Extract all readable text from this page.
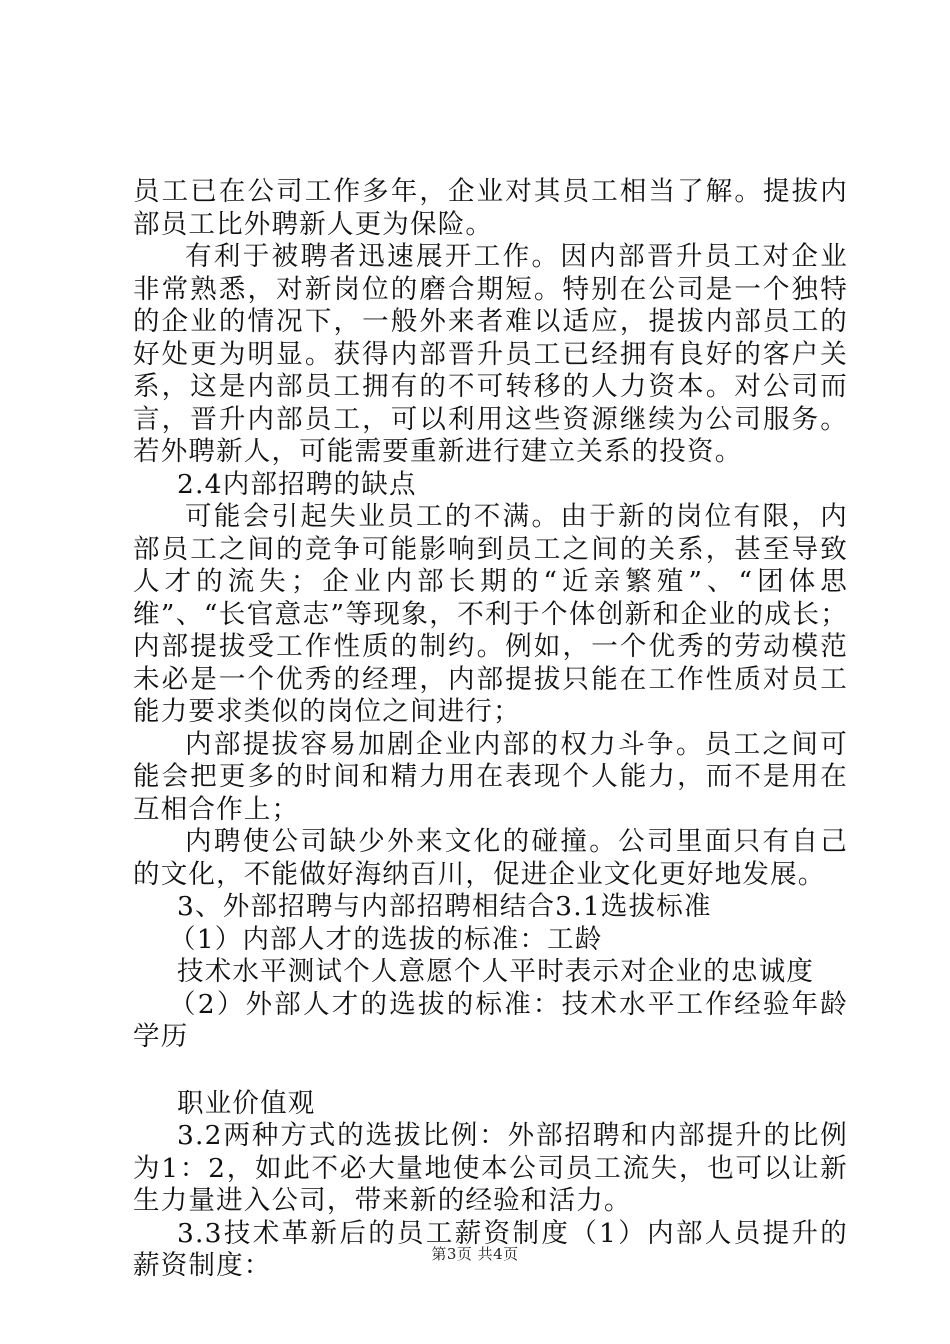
员工已在公司工作多年，企业对其员工相当了解。提拔内部员工比外聘新人更为保险。

有利于被聘者迅速展开工作。因内部晋升员工对企业非常熟悉，对新岗位的磨合期短。特别在公司是一个独特的企业的情况下，一般外来者难以适应，提拔内部员工的好处更为明显。获得内部晋升员工已经拥有良好的客户关系，这是内部员工拥有的不可转移的人力资本。对公司而言，晋升内部员工，可以利用这些资源继续为公司服务。若外聘新人，可能需要重新进行建立关系的投资。

2.4内部招聘的缺点

可能会引起失业员工的不满。由于新的岗位有限，内部员工之间的竞争可能影响到员工之间的关系，甚至导致人才的流失；企业内部长期的“近亲繁殖”、“团体思维”、“长官意志”等现象，不利于个体创新和企业的成长；内部提拔受工作性质的制约。例如，一个优秀的劳动模范未必是一个优秀的经理，内部提拔只能在工作性质对员工能力要求类似的岗位之间进行；

内部提拔容易加剧企业内部的权力斗争。员工之间可能会把更多的时间和精力用在表现个人能力，而不是用在互相合作上；

内聘使公司缺少外来文化的碰撞。公司里面只有自己的文化，不能做好海纳百川，促进企业文化更好地发展。

3、外部招聘与内部招聘相结合3.1选拔标准

（1）内部人才的选拔的标准：工龄

技术水平测试个人意愿个人平时表示对企业的忠诚度

（2）外部人才的选拔的标准：技术水平工作经验年龄学历

职业价值观

3.2两种方式的选拔比例：外部招聘和内部提升的比例为1：2，如此不必大量地使本公司员工流失，也可以让新生力量进入公司，带来新的经验和活力。

3.3技术革新后的员工薪资制度（1）内部人员提升的薪资制度：	第3页 共4页
